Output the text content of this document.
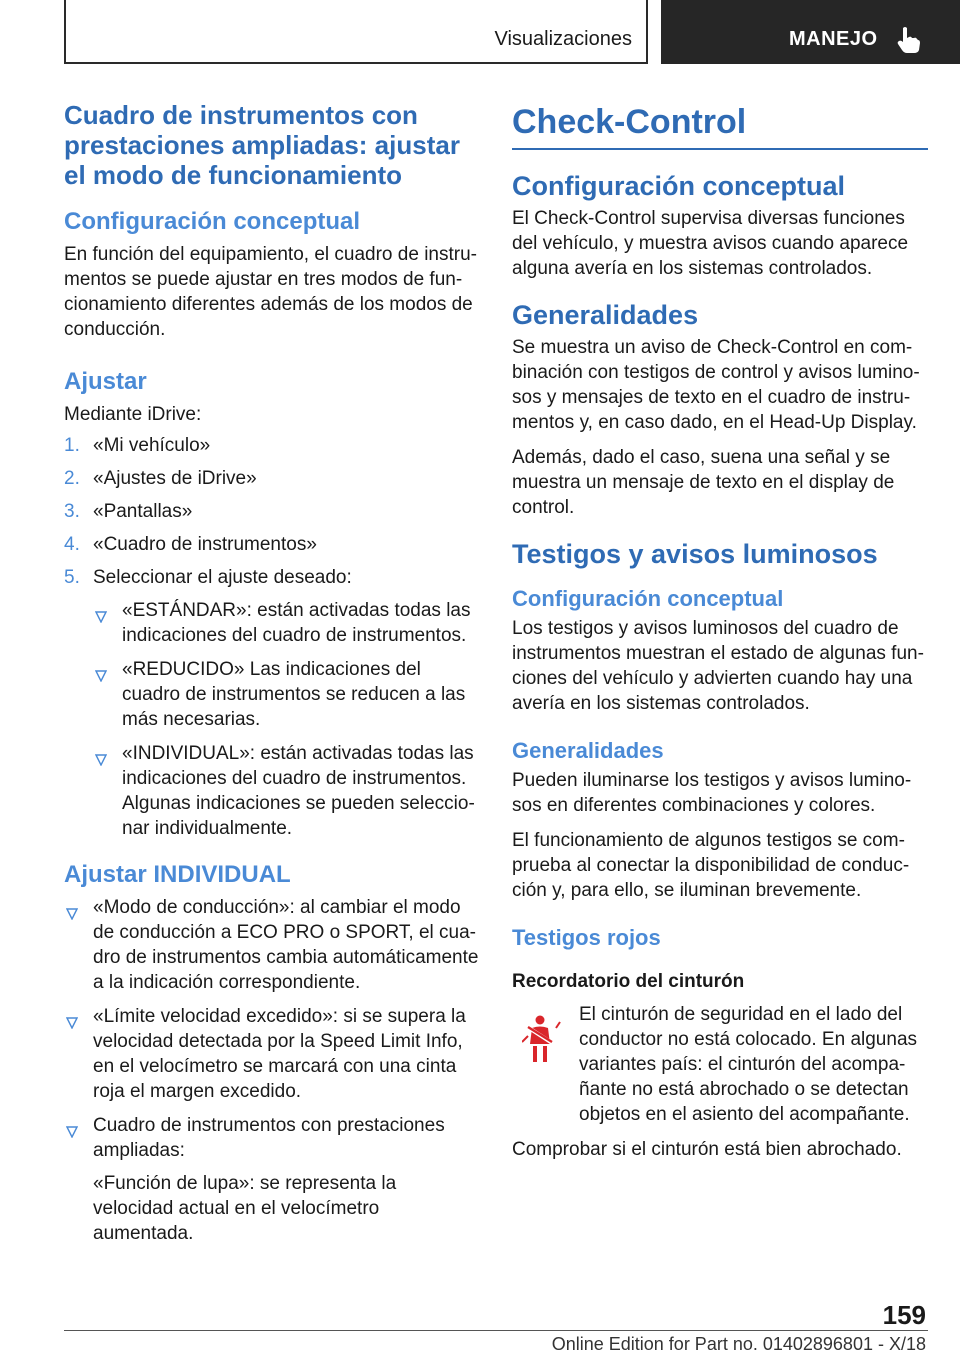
Visualizaciones	MANEJO
Cuadro de instrumentos con prestaciones ampliadas: ajustar el modo de funcionamiento
Configuración conceptual

En función del equipamiento, el cuadro de instrumentos se puede ajustar en tres modos de funcionamiento diferentes además de los modos de conducción.

Ajustar

Mediante iDrive:

1. «Mi vehículo»
2. «Ajustes de iDrive»
3. «Pantallas»
4. «Cuadro de instrumentos»
5. Seleccionar el ajuste deseado:
«ESTÁNDAR»: están activadas todas las indicaciones del cuadro de instrumentos.
«REDUCIDO» Las indicaciones del cuadro de instrumentos se reducen a las más necesarias.
«INDIVIDUAL»: están activadas todas las indicaciones del cuadro de instrumentos. Algunas indicaciones se pueden seleccionar individualmente.
Ajustar INDIVIDUAL
«Modo de conducción»: al cambiar el modo de conducción a ECO PRO o SPORT, el cuadro de instrumentos cambia automáticamente a la indicación correspondiente.
«Límite velocidad excedido»: si se supera la velocidad detectada por la Speed Limit Info, en el velocímetro se marcará con una cinta roja el margen excedido.
Cuadro de instrumentos con prestaciones ampliadas:
«Función de lupa»: se representa la velocidad actual en el velocímetro aumentada.
Check-Control
Configuración conceptual

El Check-Control supervisa diversas funciones del vehículo, y muestra avisos cuando aparece alguna avería en los sistemas controlados.

Generalidades

Se muestra un aviso de Check-Control en combinación con testigos de control y avisos luminosos y mensajes de texto en el cuadro de instrumentos y, en caso dado, en el Head-Up Display.

Además, dado el caso, suena una señal y se muestra un mensaje de texto en el display de control.

Testigos y avisos luminosos
Configuración conceptual

Los testigos y avisos luminosos del cuadro de instrumentos muestran el estado de algunas funciones del vehículo y advierten cuando hay una avería en los sistemas controlados.

Generalidades

Pueden iluminarse los testigos y avisos luminosos en diferentes combinaciones y colores.

El funcionamiento de algunos testigos se comprueba al conectar la disponibilidad de conducción y, para ello, se iluminan brevemente.

Testigos rojos
Recordatorio del cinturón

El cinturón de seguridad en el lado del conductor no está colocado. En algunas variantes país: el cinturón del acompañante no está abrochado o se detectan objetos en el asiento del acompañante.

Comprobar si el cinturón está bien abrochado.

159
Online Edition for Part no. 01402896801 - X/18
